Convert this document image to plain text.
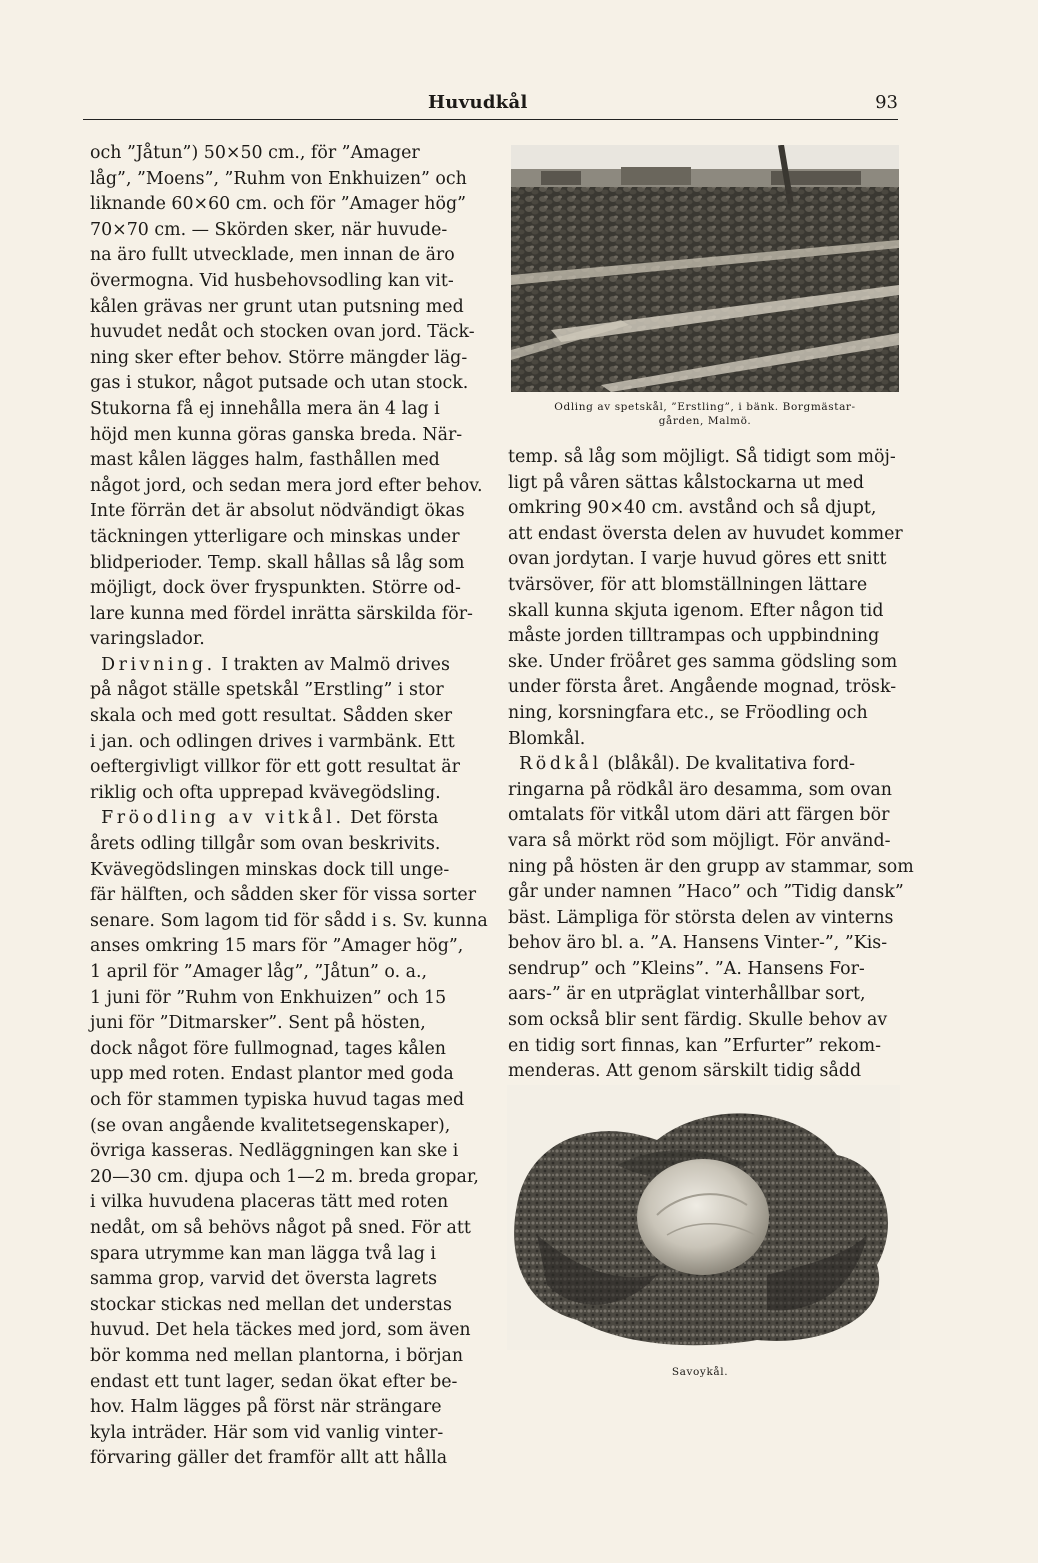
Huvudkål	93

och ”Jåtun”) 50×50 cm., för ”Amager

låg”, ”Moens”, ”Ruhm von Enkhuizen” och

liknande 60×60 cm. och för ”Amager hög”

70×70 cm. — Skörden sker, när huvude-

na äro fullt utvecklade, men innan de äro

övermogna. Vid husbehovsodling kan vit-

kålen grävas ner grunt utan putsning med

huvudet nedåt och stocken ovan jord. Täck-

ning sker efter behov. Större mängder läg-

gas i stukor, något putsade och utan stock.

Stukorna få ej innehålla mera än 4 lag i

höjd men kunna göras ganska breda. När-

mast kålen lägges halm, fasthållen med

något jord, och sedan mera jord efter behov.

Inte förrän det är absolut nödvändigt ökas

täckningen ytterligare och minskas under

blidperioder. Temp. skall hållas så låg som

möjligt, dock över fryspunkten. Större od-

lare kunna med fördel inrätta särskilda för-

varingslador.

Drivning. I trakten av Malmö drives

på något ställe spetskål ”Erstling” i stor

skala och med gott resultat. Sådden sker

i jan. och odlingen drives i varmbänk. Ett

oeftergivligt villkor för ett gott resultat är

riklig och ofta upprepad kvävegödsling.

Fröodling av vitkål. Det första

årets odling tillgår som ovan beskrivits.

Kvävegödslingen minskas dock till unge-

fär hälften, och sådden sker för vissa sorter

senare. Som lagom tid för sådd i s. Sv. kunna

anses omkring 15 mars för ”Amager hög”,

1 april för ”Amager låg”, ”Jåtun” o. a.,

1 juni för ”Ruhm von Enkhuizen” och 15

juni för ”Ditmarsker”. Sent på hösten,

dock något före fullmognad, tages kålen

upp med roten. Endast plantor med goda

och för stammen typiska huvud tagas med

(se ovan angående kvalitetsegenskaper),

övriga kasseras. Nedläggningen kan ske i

20—30 cm. djupa och 1—2 m. breda gropar,

i vilka huvudena placeras tätt med roten

nedåt, om så behövs något på sned. För att

spara utrymme kan man lägga två lag i

samma grop, varvid det översta lagrets

stockar stickas ned mellan det understas

huvud. Det hela täckes med jord, som även

bör komma ned mellan plantorna, i början

endast ett tunt lager, sedan ökat efter be-

hov. Halm lägges på först när strängare

kyla inträder. Här som vid vanlig vinter-

förvaring gäller det framför allt att hålla

Odling av spetskål, ”Erstling”, i bänk. Borgmästar-
gården, Malmö.

temp. så låg som möjligt. Så tidigt som möj-

ligt på våren sättas kålstockarna ut med

omkring 90×40 cm. avstånd och så djupt,

att endast översta delen av huvudet kommer

ovan jordytan. I varje huvud göres ett snitt

tvärsöver, för att blomställningen lättare

skall kunna skjuta igenom. Efter någon tid

måste jorden tilltrampas och uppbindning

ske. Under fröåret ges samma gödsling som

under första året. Angående mognad, trösk-

ning, korsningfara etc., se Fröodling och

Blomkål.

Rödkål (blåkål). De kvalitativa ford-

ringarna på rödkål äro desamma, som ovan

omtalats för vitkål utom däri att färgen bör

vara så mörkt röd som möjligt. För använd-

ning på hösten är den grupp av stammar, som

går under namnen ”Haco” och ”Tidig dansk”

bäst. Lämpliga för största delen av vinterns

behov äro bl. a. ”A. Hansens Vinter-”, ”Kis-

sendrup” och ”Kleins”. ”A. Hansens For-

aars-” är en utpräglat vinterhållbar sort,

som också blir sent färdig. Skulle behov av

en tidig sort finnas, kan ”Erfurter” rekom-

menderas. Att genom särskilt tidig sådd

Savoykål.
